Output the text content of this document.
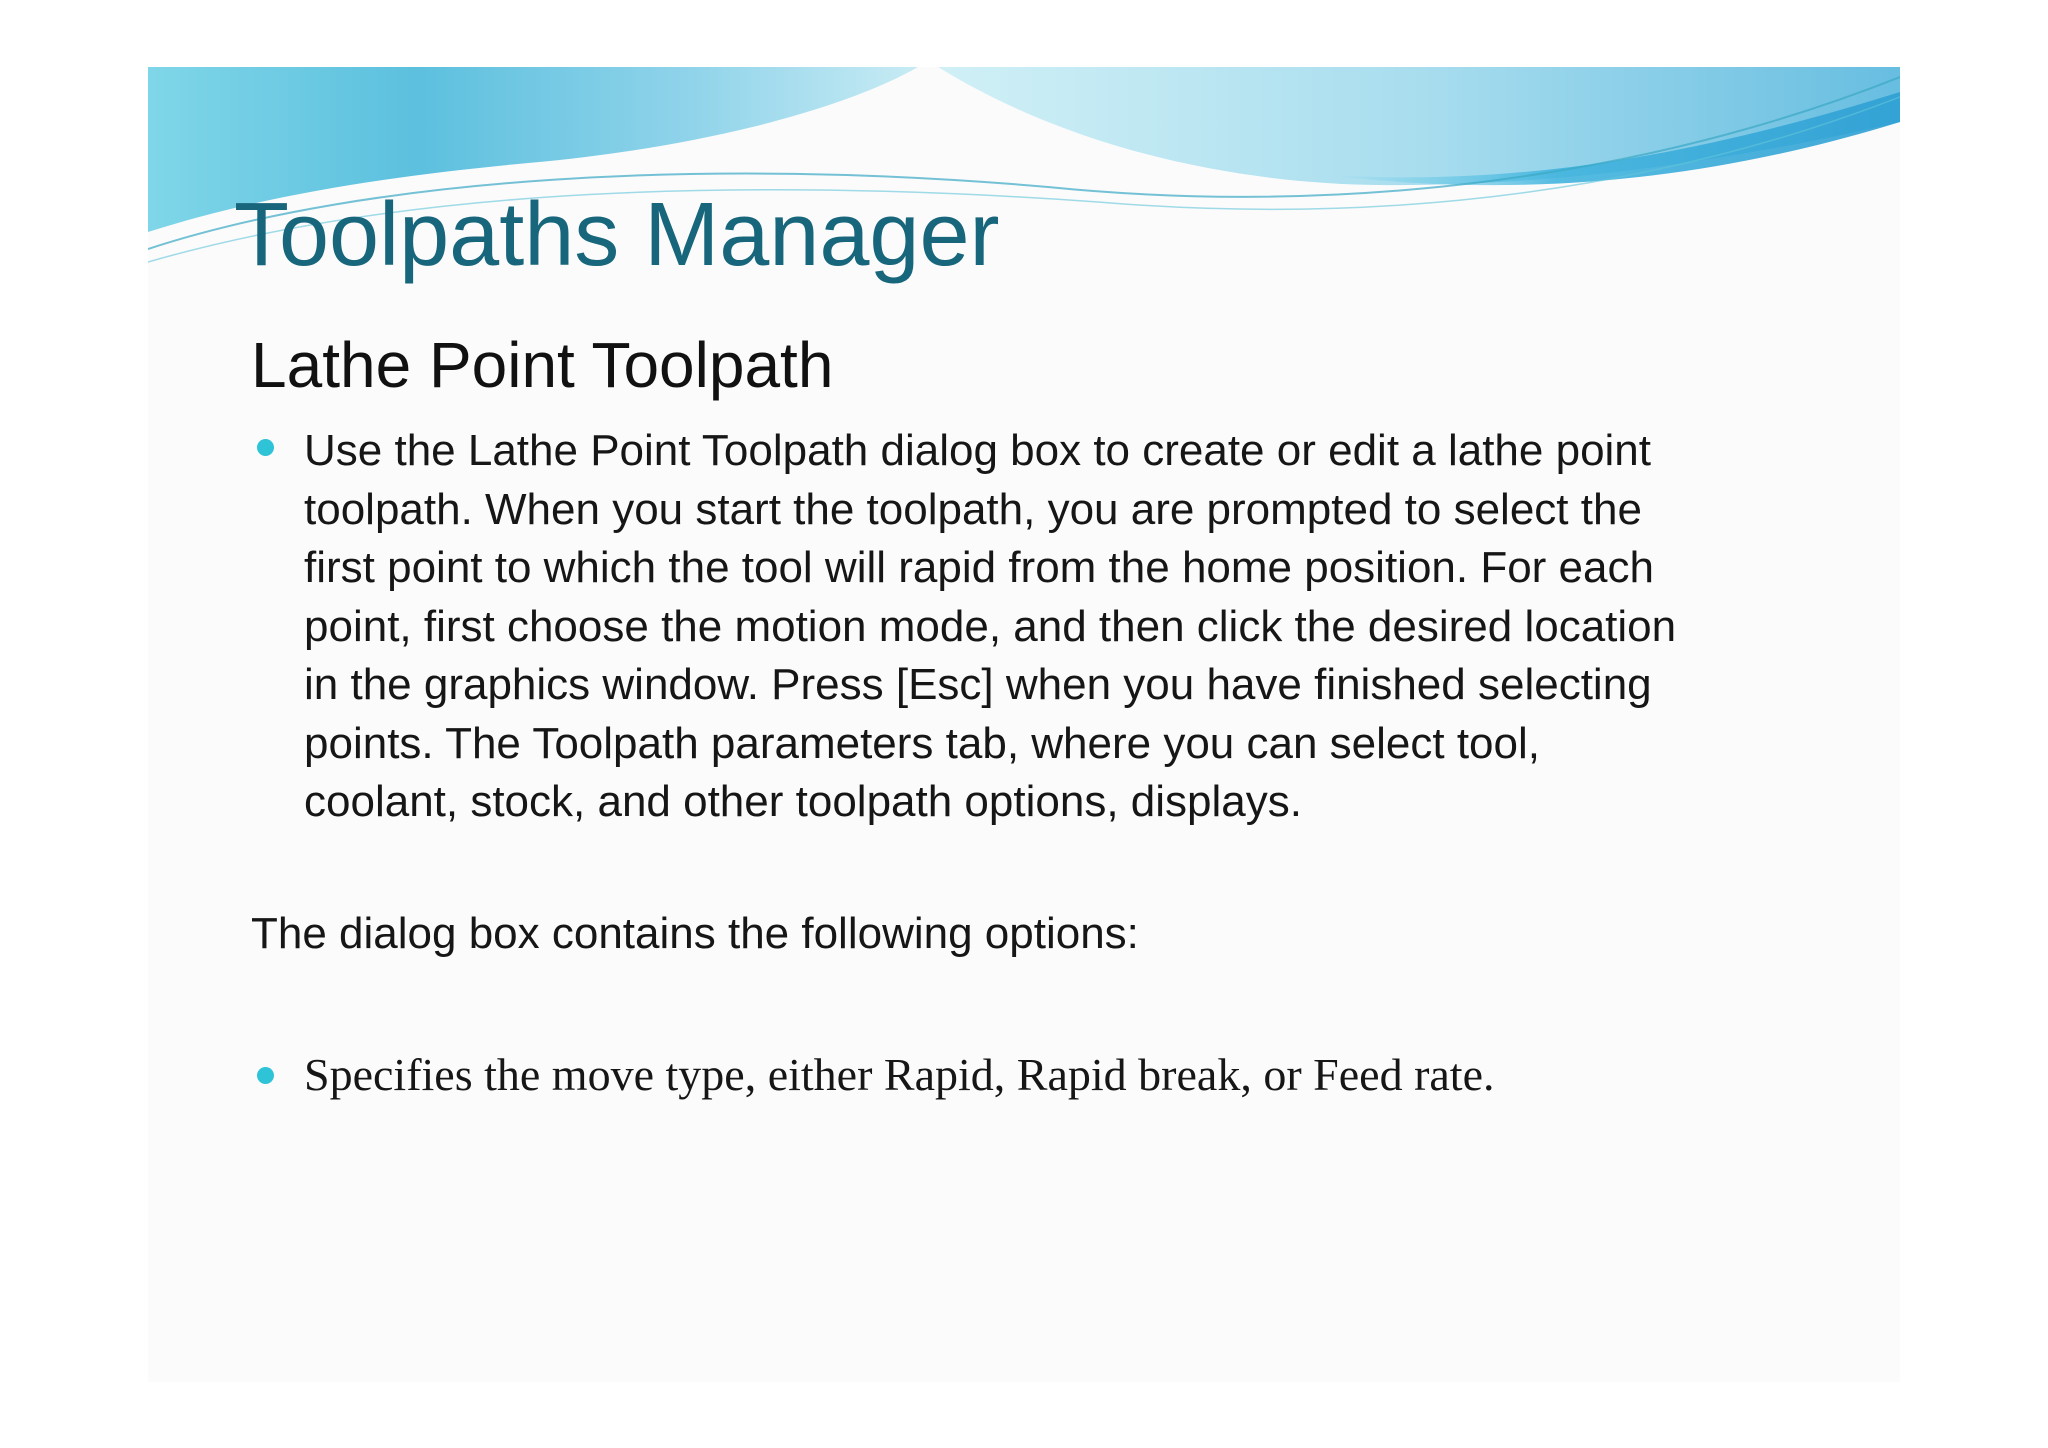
Toolpaths Manager
Lathe Point Toolpath

Use the Lathe Point Toolpath dialog box to create or edit a lathe point
toolpath. When you start the toolpath, you are prompted to select the
first point to which the tool will rapid from the home position. For each
point, first choose the motion mode, and then click the desired location
in the graphics window. Press [Esc] when you have finished selecting
points. The Toolpath parameters tab, where you can select tool,
coolant, stock, and other toolpath options, displays.

The dialog box contains the following options:

Specifies the move type, either Rapid, Rapid break, or Feed rate.
